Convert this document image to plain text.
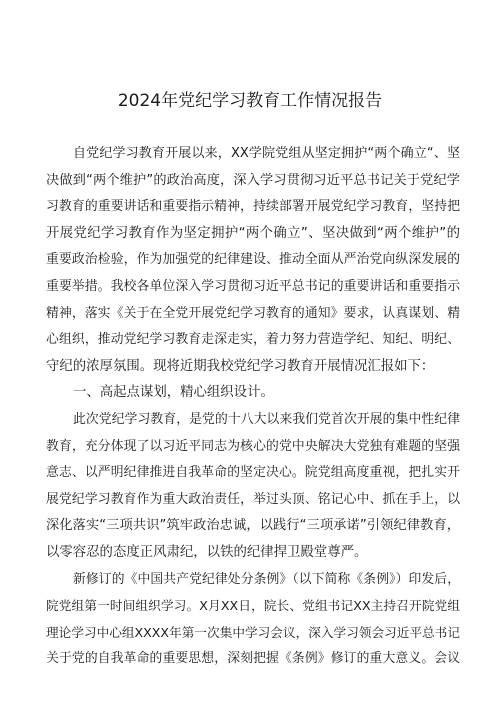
2024年党纪学习教育工作情况报告
自党纪学习教育开展以来，XX学院党组从坚定拥护“两个确立“、坚
决做到“两个维护”的政治高度，深入学习贯彻习近平总书记关于党纪学
习教育的重要讲话和重要指示精神，持续部署开展党纪学习教育，坚持把
开展党纪学习教育作为坚定拥护“两个确立”、坚决做到“两个维护”的
重要政治检验，作为加强党的纪律建设、推动全面从严治党向纵深发展的
重要举措。我校各单位深入学习贯彻习近平总书记的重要讲话和重要指示
精神，落实《关于在全党开展党纪学习教育的通知》要求，认真谋划、精
心组织，推动党纪学习教育走深走实，着力努力营造学纪、知纪、明纪、
守纪的浓厚氛围。现将近期我校党纪学习教育开展情况汇报如下：
一、高起点谋划，精心组织设计。
此次党纪学习教育，是党的十八大以来我们党首次开展的集中性纪律
教育，充分体现了以习近平同志为核心的党中央解决大党独有难题的坚强
意志、以严明纪律推进自我革命的坚定决心。院党组高度重视，把扎实开
展党纪学习教育作为重大政治责任，举过头顶、铭记心中、抓在手上，以
深化落实“三项共识”筑牢政治忠诚，以践行“三项承诺”引领纪律教育，
以零容忍的态度正风肃纪，以铁的纪律捍卫殿堂尊严。
新修订的《中国共产党纪律处分条例》（以下简称《条例》）印发后，
院党组第一时间组织学习。X月XX日，院长、党组书记XX主持召开院党组
理论学习中心组XXXX年第一次集中学习会议，深入学习领会习近平总书记
关于党的自我革命的重要思想，深刻把握《条例》修订的重大意义。会议
